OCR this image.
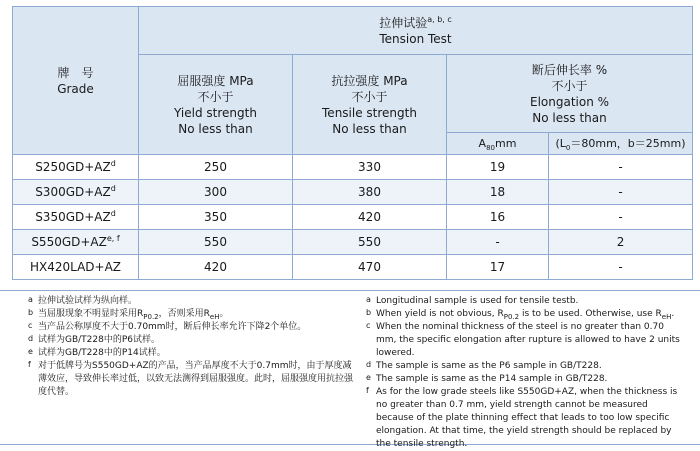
牌　号
Grade	拉伸试验$^{a, b, c}$
Tension Test			

	屈服强度 MPa
不小于
Yield strength
No less than	抗拉强度 MPa
不小于
Tensile strength
No less than	断后伸长率 %
不小于
Elongation %
No less than	

			$A_{80}mm$	($L_0=80mm$，b＝25mm)
$S250GD+AZ^d$	250	330	19	-
$S300GD+AZ^d$	300	380	18	-
$S350GD+AZ^d$	350	420	16	-
S550GD+AZ$^{e, f}$	550	550	-	2
HX420LAD+AZ	420	470	17	-
a 拉伸试验试样为纵向样。
b 当屈服现象不明显时采用$R_{P0.2}$，否则采用$R_{eH}$。
c 当产品公称厚度不大于0.70mm时，断后伸长率允许下降2个单位。
d 试样为GB/T228中的P6试样。
e 试样为GB/T228中的P14试样。
f 对于低牌号为S550GD+AZ的产品，当产品厚度不大于0.7mm时，由于厚度减薄效应，导致伸长率过低，以致无法测得到屈服强度。此时，屈服强度用抗拉强度代替。
a Longitudinal sample is used for tensile testb.
b When yield is not obvious, $R_{P0.2}$ is to be used. Otherwise, use $R_{eH}$.
c When the nominal thickness of the steel is no greater than 0.70 mm, the specific elongation after rupture is allowed to have 2 units lowered.
d The sample is same as the P6 sample in GB/T228.
e The sample is same as the P14 sample in GB/T228.
f As for the low grade steels like S550GD+AZ, when the thickness is no greater than 0.7 mm, yield strength cannot be measured because of the plate thinning effect that leads to too low specific elongation. At that time, the yield strength should be replaced by the tensile strength.
